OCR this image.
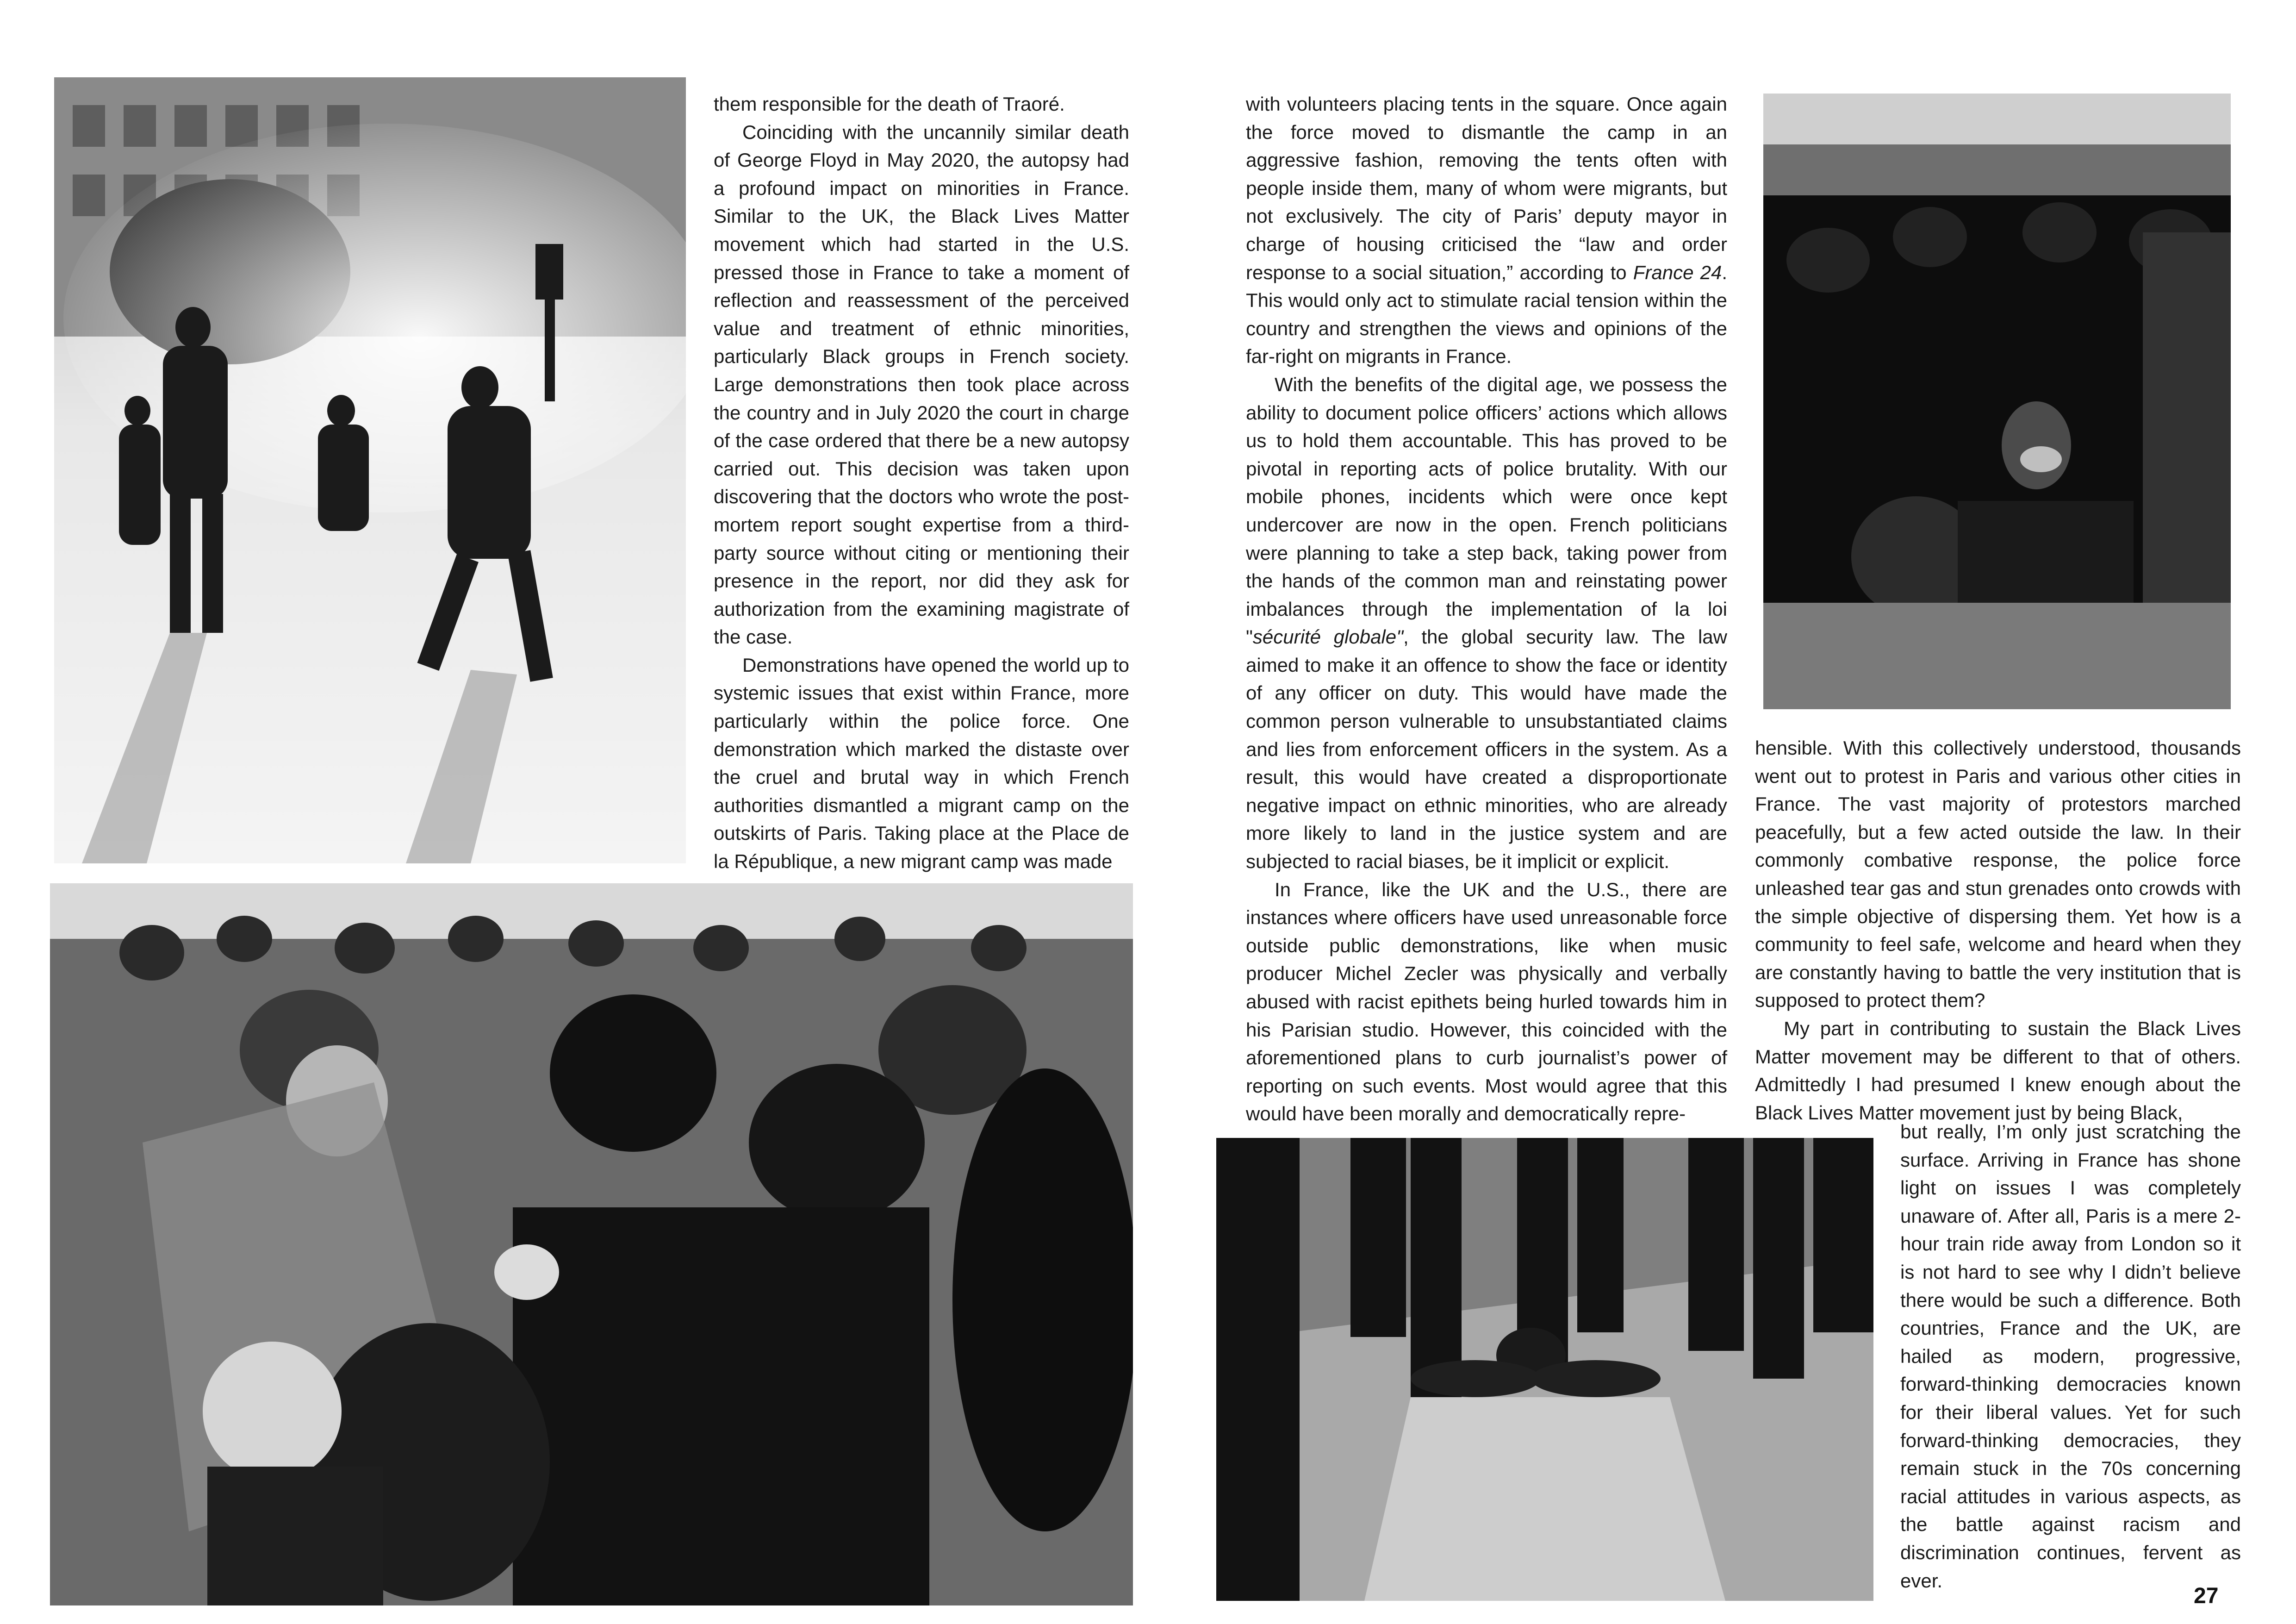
them responsible for the death of Traoré.

Coinciding with the uncannily similar death of George Floyd in May 2020, the autopsy had a profound impact on minorities in France. Similar to the UK, the Black Lives Matter movement which had started in the U.S. pressed those in France to take a moment of reflection and reassessment of the perceived value and treatment of ethnic minorities, particularly Black groups in French society. Large demonstrations then took place across the country and in July 2020 the court in charge of the case ordered that there be a new autopsy carried out. This decision was taken upon discovering that the doctors who wrote the post-mortem report sought expertise from a third-party source without citing or mentioning their presence in the report, nor did they ask for authorization from the examining magistrate of the case.

Demonstrations have opened the world up to systemic issues that exist within France, more particularly within the police force. One demonstration which marked the distaste over the cruel and brutal way in which French authorities dismantled a migrant camp on the outskirts of Paris. Taking place at the Place de la République, a new migrant camp was made

with volunteers placing tents in the square. Once again the force moved to dismantle the camp in an aggressive fashion, removing the tents often with people inside them, many of whom were migrants, but not exclusively. The city of Paris’ deputy mayor in charge of housing criticised the “law and order response to a social situation,” according to France 24. This would only act to stimulate racial tension within the country and strengthen the views and opinions of the far-right on migrants in France.

With the benefits of the digital age, we possess the ability to document police officers’ actions which allows us to hold them accountable. This has proved to be pivotal in reporting acts of police brutality. With our mobile phones, incidents which were once kept undercover are now in the open. French politicians were planning to take a step back, taking power from the hands of the common man and reinstating power imbalances through the implementation of la loi "sécurité globale", the global security law. The law aimed to make it an offence to show the face or identity of any officer on duty. This would have made the common person vulnerable to unsubstantiated claims and lies from enforcement officers in the system. As a result, this would have created a disproportionate negative impact on ethnic minorities, who are already more likely to land in the justice system and are subjected to racial biases, be it implicit or explicit.

In France, like the UK and the U.S., there are instances where officers have used unreasonable force outside public demonstrations, like when music producer Michel Zecler was physically and verbally abused with racist epithets being hurled towards him in his Parisian studio. However, this coincided with the aforementioned plans to curb journalist’s power of reporting on such events. Most would agree that this would have been morally and democratically repre-

hensible. With this collectively understood, thousands went out to protest in Paris and various other cities in France. The vast majority of protestors marched peacefully, but a few acted outside the law. In their commonly combative response, the police force unleashed tear gas and stun grenades onto crowds with the simple objective of dispersing them. Yet how is a community to feel safe, welcome and heard when they are constantly having to battle the very institution that is supposed to protect them?

My part in contributing to sustain the Black Lives Matter movement may be different to that of others. Admittedly I had presumed I knew enough about the Black Lives Matter movement just by being Black,

but really, I’m only just scratching the surface. Arriving in France has shone light on issues I was completely unaware of. After all, Paris is a mere 2-hour train ride away from London so it is not hard to see why I didn’t believe there would be such a difference. Both countries, France and the UK, are hailed as modern, progressive, forward-thinking democracies known for their liberal values. Yet for such forward-thinking democracies, they remain stuck in the 70s concerning racial attitudes in various aspects, as the battle against racism and discrimination continues, fervent as ever.

27
